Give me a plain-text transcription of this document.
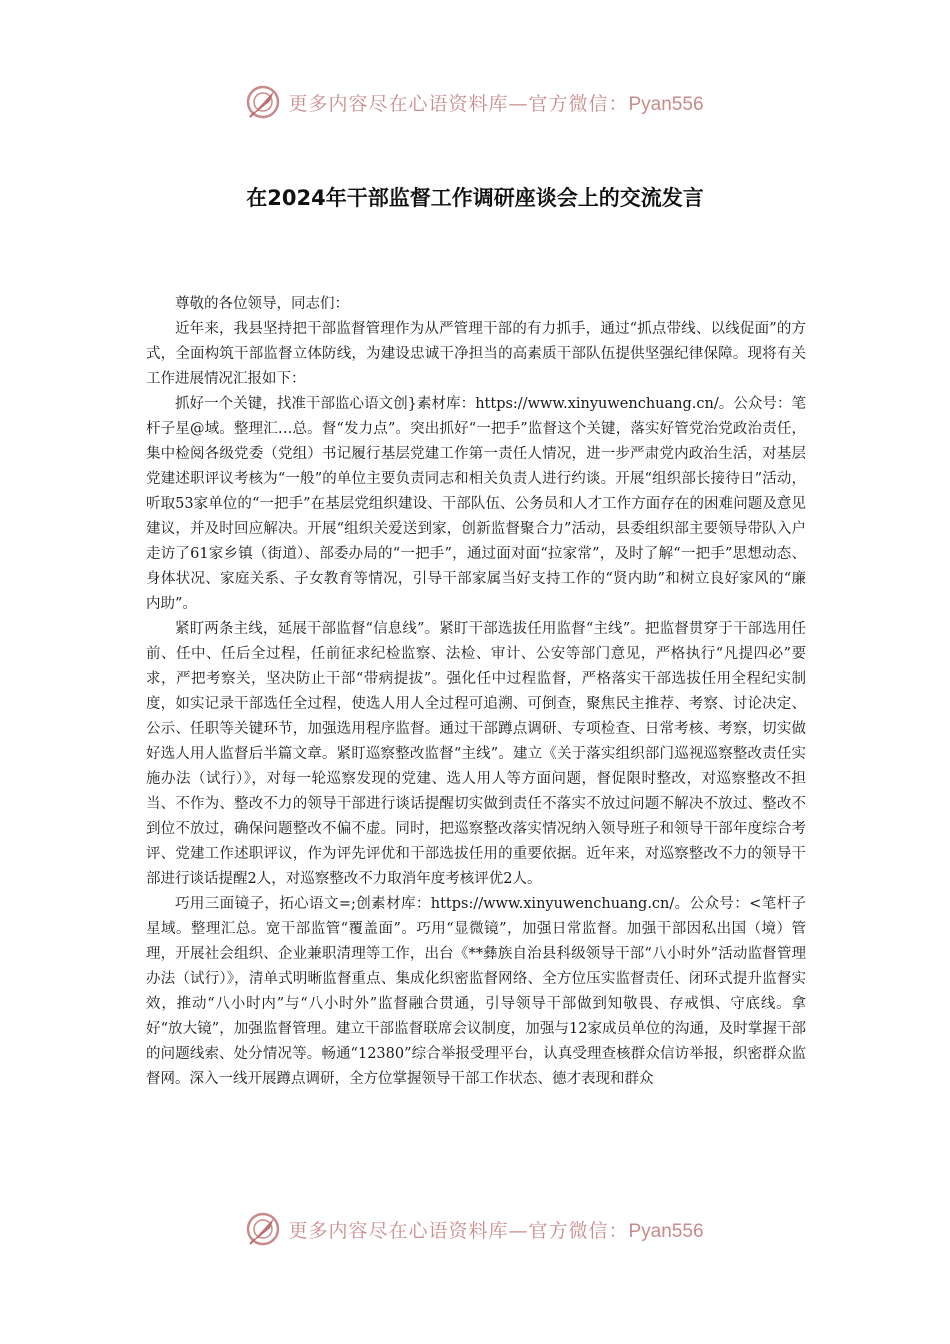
更多内容尽在心语资料库—官方微信：Pyan556
在2024年干部监督工作调研座谈会上的交流发言

尊敬的各位领导，同志们：

近年来，我县坚持把干部监督管理作为从严管理干部的有力抓手，通过“抓点带线、以线促面”的方式，全面构筑干部监督立体防线，为建设忠诚干净担当的高素质干部队伍提供坚强纪律保障。现将有关工作进展情况汇报如下：

抓好一个关键，找准干部监心语文创}素材库：https://www.xinyuwenchuang.cn/。公众号：笔杆子星@域。整理汇…总。督“发力点”。突出抓好“一把手”监督这个关键，落实好管党治党政治责任，集中检阅各级党委（党组）书记履行基层党建工作第一责任人情况，进一步严肃党内政治生活，对基层党建述职评议考核为“一般”的单位主要负责同志和相关负责人进行约谈。开展“组织部长接待日”活动，听取53家单位的“一把手”在基层党组织建设、干部队伍、公务员和人才工作方面存在的困难问题及意见建议，并及时回应解决。开展“组织关爱送到家，创新监督聚合力”活动，县委组织部主要领导带队入户走访了61家乡镇（街道）、部委办局的“一把手”，通过面对面“拉家常”，及时了解“一把手”思想动态、身体状况、家庭关系、子女教育等情况，引导干部家属当好支持工作的“贤内助”和树立良好家风的“廉内助”。

紧盯两条主线，延展干部监督“信息线”。紧盯干部选拔任用监督“主线”。把监督贯穿于干部选用任前、任中、任后全过程，任前征求纪检监察、法检、审计、公安等部门意见，严格执行“凡提四必”要求，严把考察关，坚决防止干部“带病提拔”。强化任中过程监督，严格落实干部选拔任用全程纪实制度，如实记录干部选任全过程，使选人用人全过程可追溯、可倒查，聚焦民主推荐、考察、讨论决定、公示、任职等关键环节，加强选用程序监督。通过干部蹲点调研、专项检查、日常考核、考察，切实做好选人用人监督后半篇文章。紧盯巡察整改监督“主线”。建立《关于落实组织部门巡视巡察整改责任实施办法（试行）》，对每一轮巡察发现的党建、选人用人等方面问题，督促限时整改，对巡察整改不担当、不作为、整改不力的领导干部进行谈话提醒切实做到责任不落实不放过问题不解决不放过、整改不到位不放过，确保问题整改不偏不虚。同时，把巡察整改落实情况纳入领导班子和领导干部年度综合考评、党建工作述职评议，作为评先评优和干部选拔任用的重要依据。近年来，对巡察整改不力的领导干部进行谈话提醒2人，对巡察整改不力取消年度考核评优2人。

巧用三面镜子，拓心语文=;创素材库：https://www.xinyuwenchuang.cn/。公众号：<笔杆子星域。整理汇总。宽干部监管“覆盖面”。巧用“显微镜”，加强日常监督。加强干部因私出国（境）管理，开展社会组织、企业兼职清理等工作，出台《**彝族自治县科级领导干部“八小时外”活动监督管理办法（试行）》，清单式明晰监督重点、集成化织密监督网络、全方位压实监督责任、闭环式提升监督实效，推动“八小时内”与“八小时外”监督融合贯通，引导领导干部做到知敬畏、存戒惧、守底线。拿好“放大镜”，加强监督管理。建立干部监督联席会议制度，加强与12家成员单位的沟通，及时掌握干部的问题线索、处分情况等。畅通“12380”综合举报受理平台，认真受理查核群众信访举报，织密群众监督网。深入一线开展蹲点调研，全方位掌握领导干部工作状态、德才表现和群众

更多内容尽在心语资料库—官方微信：Pyan556
